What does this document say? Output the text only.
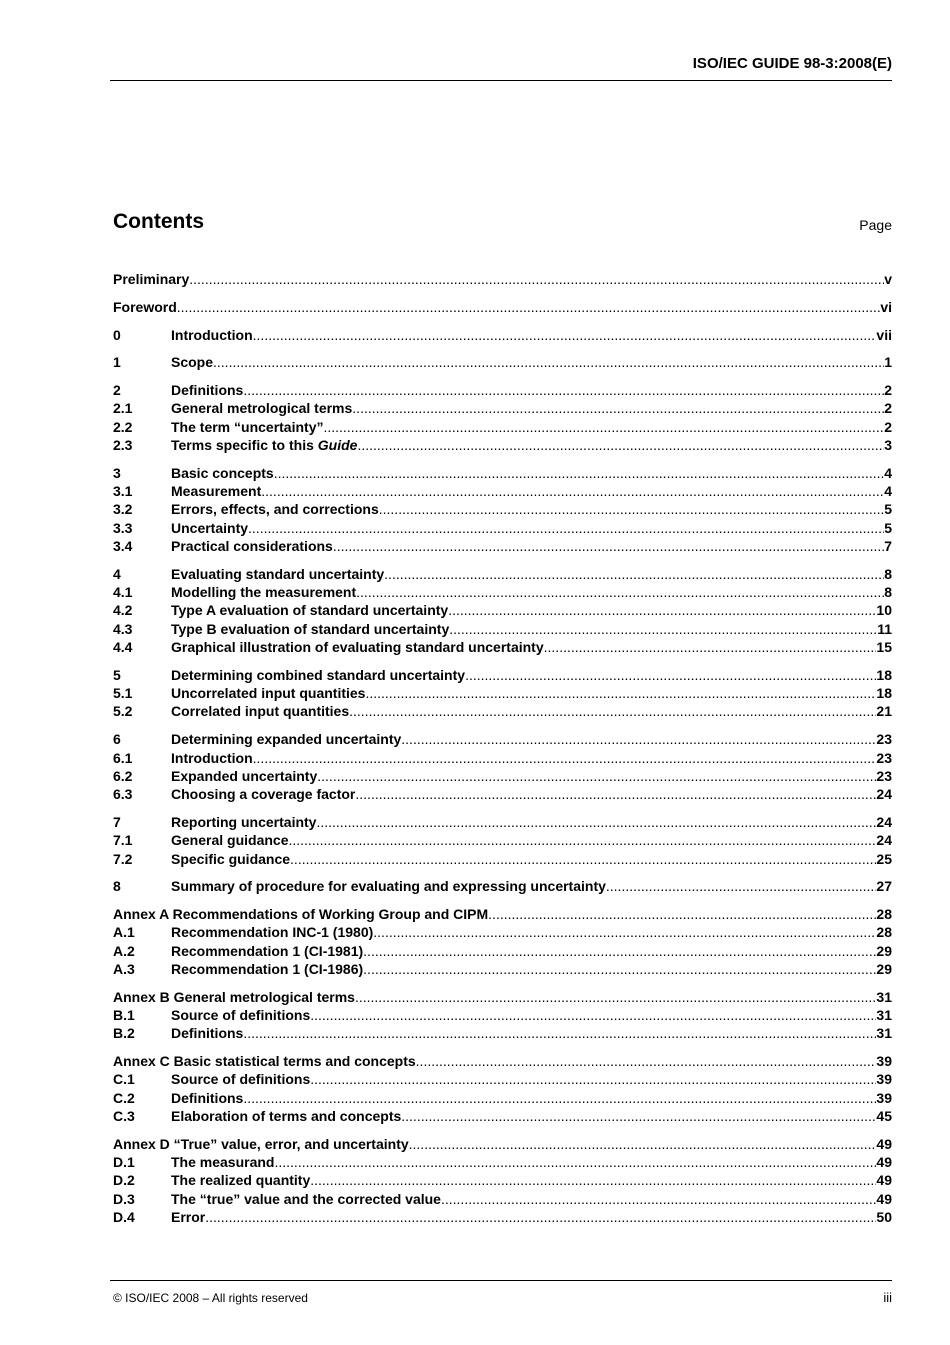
ISO/IEC GUIDE 98-3:2008(E)
Contents	Page
Preliminary .....	v
Foreword .....	vi
0	Introduction .....	vii
1	Scope .....	1
2	Definitions .....	2
2.1	General metrological terms .....	2
2.2	The term “uncertainty” .....	2
2.3	Terms specific to this Guide .....	3
3	Basic concepts .....	4
3.1	Measurement .....	4
3.2	Errors, effects, and corrections .....	5
3.3	Uncertainty .....	5
3.4	Practical considerations .....	7
4	Evaluating standard uncertainty .....	8
4.1	Modelling the measurement .....	8
4.2	Type A evaluation of standard uncertainty .....	10
4.3	Type B evaluation of standard uncertainty .....	11
4.4	Graphical illustration of evaluating standard uncertainty .....	15
5	Determining combined standard uncertainty .....	18
5.1	Uncorrelated input quantities .....	18
5.2	Correlated input quantities .....	21
6	Determining expanded uncertainty .....	23
6.1	Introduction .....	23
6.2	Expanded uncertainty .....	23
6.3	Choosing a coverage factor .....	24
7	Reporting uncertainty .....	24
7.1	General guidance .....	24
7.2	Specific guidance .....	25
8	Summary of procedure for evaluating and expressing uncertainty .....	27
Annex A Recommendations of Working Group and CIPM .....	28
A.1	Recommendation INC-1 (1980) .....	28
A.2	Recommendation 1 (CI-1981) .....	29
A.3	Recommendation 1 (CI-1986) .....	29
Annex B General metrological terms .....	31
B.1	Source of definitions .....	31
B.2	Definitions .....	31
Annex C Basic statistical terms and concepts .....	39
C.1	Source of definitions .....	39
C.2	Definitions .....	39
C.3	Elaboration of terms and concepts .....	45
Annex D “True” value, error, and uncertainty .....	49
D.1	The measurand .....	49
D.2	The realized quantity .....	49
D.3	The “true” value and the corrected value .....	49
D.4	Error .....	50
© ISO/IEC 2008 – All rights reserved	iii
